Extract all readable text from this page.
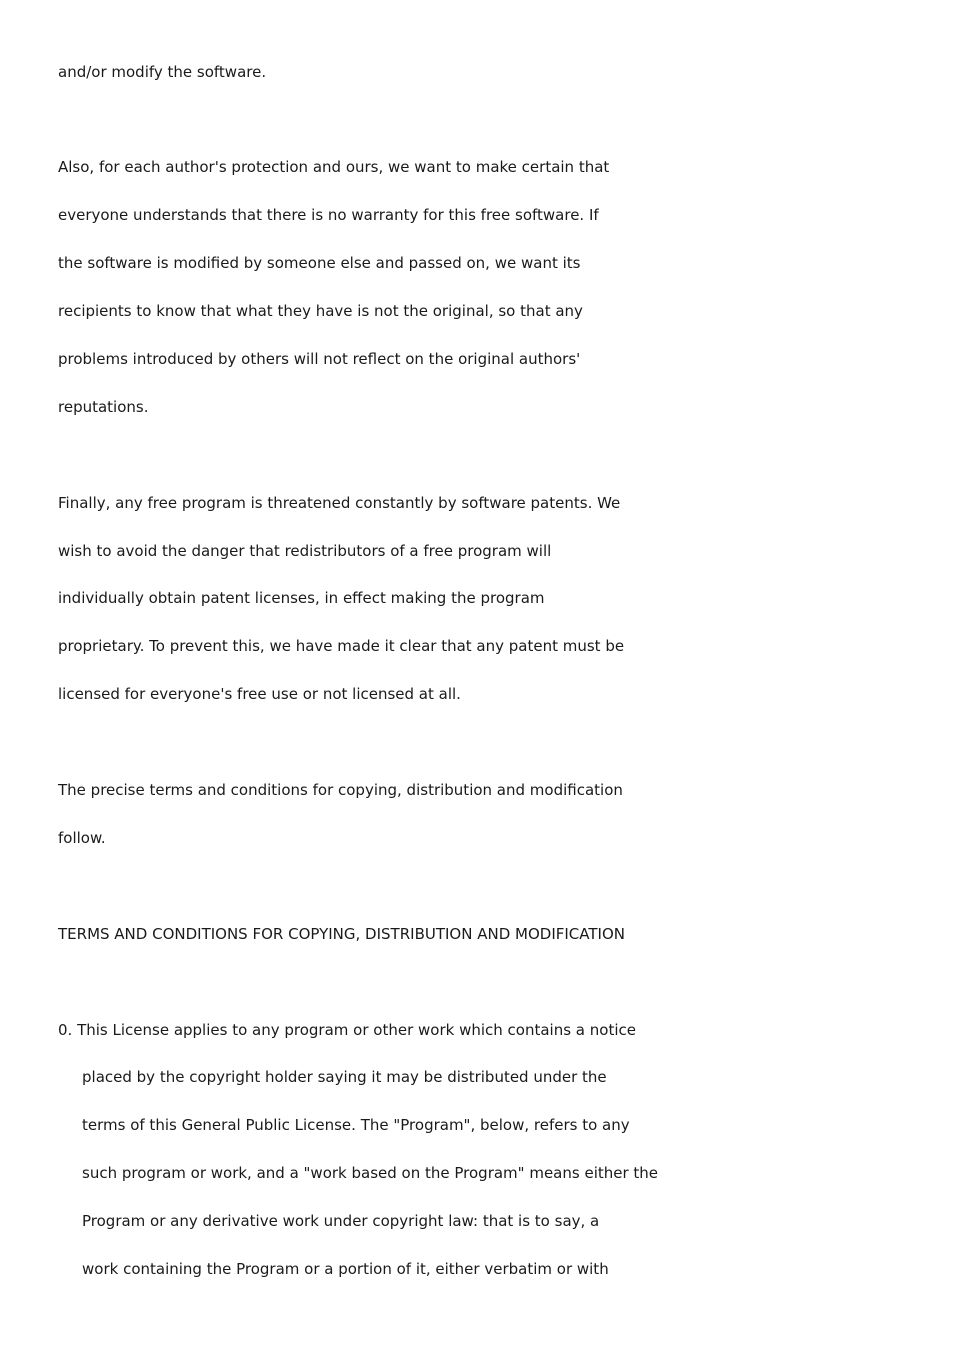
and/or modify the software.
Also, for each author's protection and ours, we want to make certain that
everyone understands that there is no warranty for this free software. If
the software is modified by someone else and passed on, we want its
recipients to know that what they have is not the original, so that any
problems introduced by others will not reflect on the original authors'
reputations.
Finally, any free program is threatened constantly by software patents. We
wish to avoid the danger that redistributors of a free program will
individually obtain patent licenses, in effect making the program
proprietary. To prevent this, we have made it clear that any patent must be
licensed for everyone's free use or not licensed at all.
The precise terms and conditions for copying, distribution and modification
follow.
TERMS AND CONDITIONS FOR COPYING, DISTRIBUTION AND MODIFICATION
0. This License applies to any program or other work which contains a notice
placed by the copyright holder saying it may be distributed under the
terms of this General Public License. The "Program", below, refers to any
such program or work, and a "work based on the Program" means either the
Program or any derivative work under copyright law: that is to say, a
work containing the Program or a portion of it, either verbatim or with
